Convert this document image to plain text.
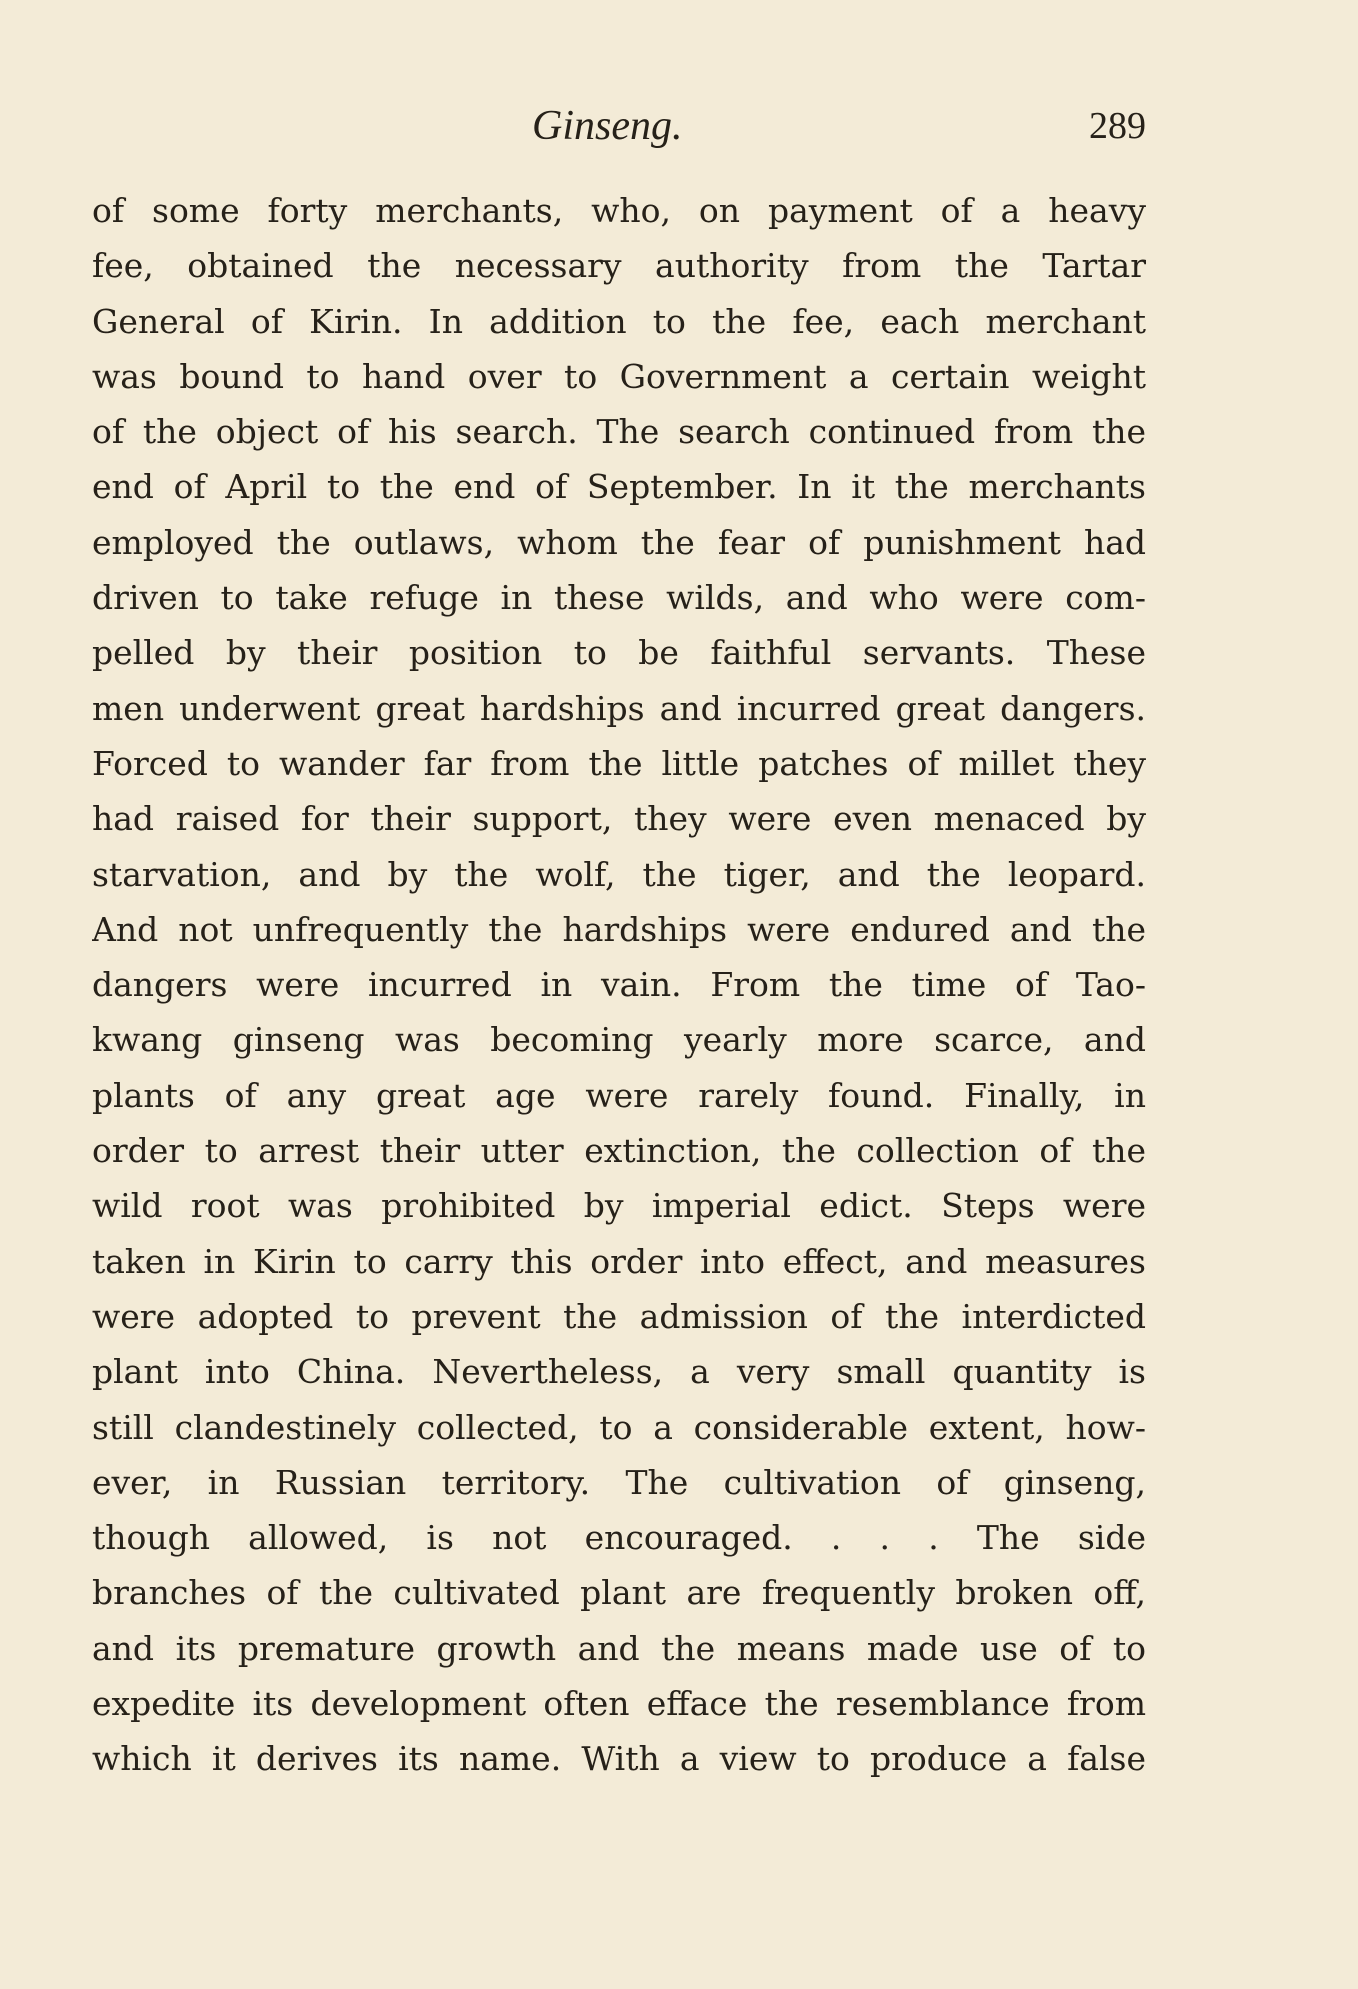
Ginseng.	289
of some forty merchants, who, on payment of a heavy
fee, obtained the necessary authority from the Tartar
General of Kirin. In addition to the fee, each merchant
was bound to hand over to Government a certain weight
of the object of his search. The search continued from the
end of April to the end of September. In it the merchants
employed the outlaws, whom the fear of punishment had
driven to take refuge in these wilds, and who were com-
pelled by their position to be faithful servants. These
men underwent great hardships and incurred great dangers.
Forced to wander far from the little patches of millet they
had raised for their support, they were even menaced by
starvation, and by the wolf, the tiger, and the leopard.
And not unfrequently the hardships were endured and the
dangers were incurred in vain. From the time of Tao-
kwang ginseng was becoming yearly more scarce, and
plants of any great age were rarely found. Finally, in
order to arrest their utter extinction, the collection of the
wild root was prohibited by imperial edict. Steps were
taken in Kirin to carry this order into effect, and measures
were adopted to prevent the admission of the interdicted
plant into China. Nevertheless, a very small quantity is
still clandestinely collected, to a considerable extent, how-
ever, in Russian territory. The cultivation of ginseng,
though allowed, is not encouraged. . . . The side
branches of the cultivated plant are frequently broken off,
and its premature growth and the means made use of to
expedite its development often efface the resemblance from
which it derives its name. With a view to produce a false
